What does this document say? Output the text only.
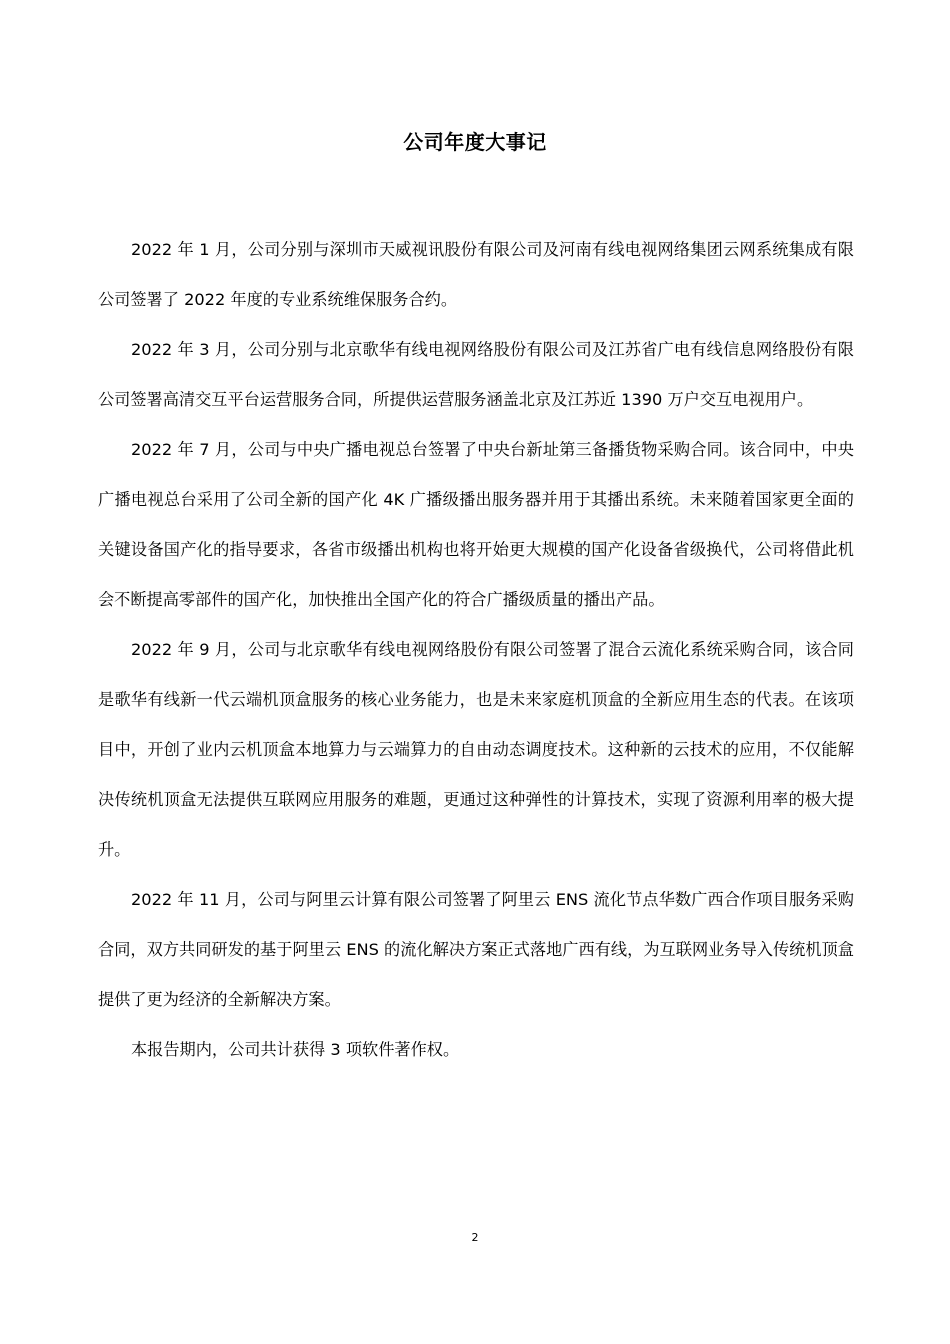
公司年度大事记

2022 年 1 月，公司分别与深圳市天威视讯股份有限公司及河南有线电视网络集团云网系统集成有限公司签署了 2022 年度的专业系统维保服务合约。

2022 年 3 月，公司分别与北京歌华有线电视网络股份有限公司及江苏省广电有线信息网络股份有限公司签署高清交互平台运营服务合同，所提供运营服务涵盖北京及江苏近 1390 万户交互电视用户。

2022 年 7 月，公司与中央广播电视总台签署了中央台新址第三备播货物采购合同。该合同中，中央广播电视总台采用了公司全新的国产化 4K 广播级播出服务器并用于其播出系统。未来随着国家更全面的关键设备国产化的指导要求，各省市级播出机构也将开始更大规模的国产化设备省级换代，公司将借此机会不断提高零部件的国产化，加快推出全国产化的符合广播级质量的播出产品。

2022 年 9 月，公司与北京歌华有线电视网络股份有限公司签署了混合云流化系统采购合同，该合同是歌华有线新一代云端机顶盒服务的核心业务能力，也是未来家庭机顶盒的全新应用生态的代表。在该项目中，开创了业内云机顶盒本地算力与云端算力的自由动态调度技术。这种新的云技术的应用，不仅能解决传统机顶盒无法提供互联网应用服务的难题，更通过这种弹性的计算技术，实现了资源利用率的极大提升。

2022 年 11 月，公司与阿里云计算有限公司签署了阿里云 ENS 流化节点华数广西合作项目服务采购合同，双方共同研发的基于阿里云 ENS 的流化解决方案正式落地广西有线，为互联网业务导入传统机顶盒提供了更为经济的全新解决方案。

本报告期内，公司共计获得 3 项软件著作权。

2
